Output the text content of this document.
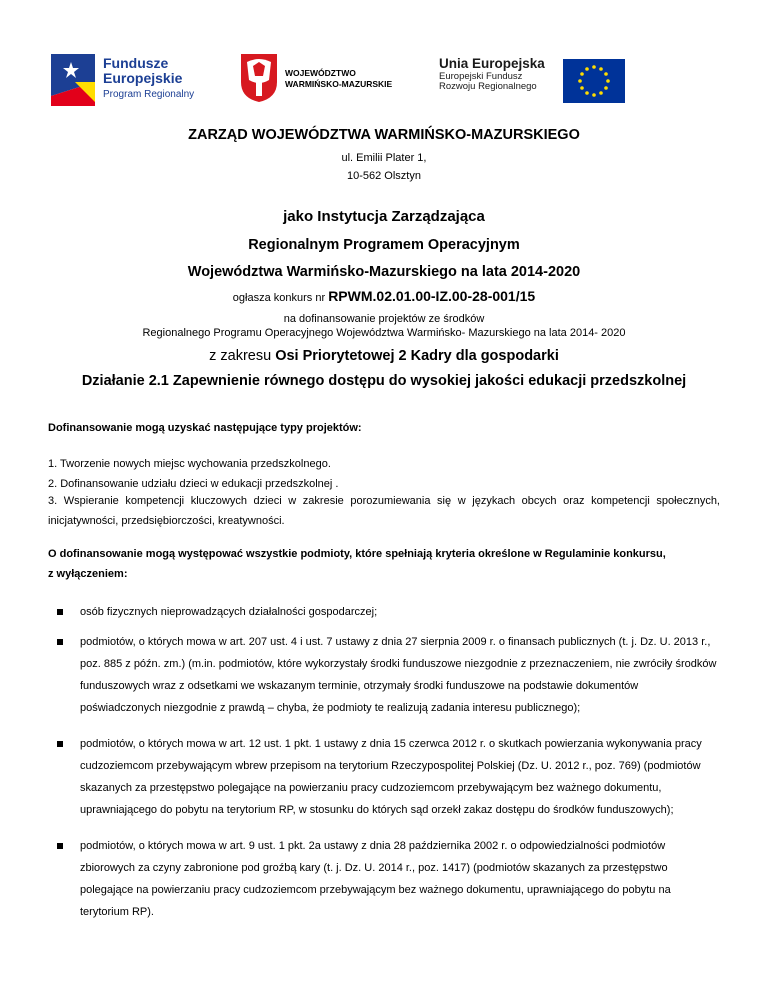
Fundusze
Europejskie
Program Regionalny
WOJEWÓDZTWO
WARMIŃSKO-MAZURSKIE
Unia Europejska
Europejski Fundusz
Rozwoju Regionalnego
ZARZĄD WOJEWÓDZTWA WARMIŃSKO-MAZURSKIEGO
ul. Emilii Plater 1,
10-562 Olsztyn
jako Instytucja Zarządzająca
Regionalnym Programem Operacyjnym
Województwa Warmińsko-Mazurskiego na lata 2014-2020
ogłasza konkurs nr RPWM.02.01.00-IZ.00-28-001/15
na dofinansowanie projektów ze środków
Regionalnego Programu Operacyjnego Województwa Warmińsko- Mazurskiego na lata 2014- 2020
z zakresu Osi Priorytetowej 2 Kadry dla gospodarki
Działanie 2.1 Zapewnienie równego dostępu do wysokiej jakości edukacji przedszkolnej
Dofinansowanie mogą uzyskać następujące typy projektów:
1. Tworzenie nowych miejsc wychowania przedszkolnego.
2. Dofinansowanie udziału dzieci w edukacji przedszkolnej .
3. Wspieranie kompetencji kluczowych dzieci w zakresie porozumiewania się w językach obcych oraz kompetencji społecznych, inicjatywności, przedsiębiorczości, kreatywności.
O dofinansowanie mogą występować wszystkie podmioty, które spełniają kryteria określone w Regulaminie konkursu,
z wyłączeniem:
osób fizycznych nieprowadzących działalności gospodarczej;
podmiotów, o których mowa w art. 207 ust. 4 i ust. 7 ustawy z dnia 27 sierpnia 2009 r. o finansach publicznych (t. j. Dz. U. 2013 r., poz. 885 z późn. zm.) (m.in. podmiotów, które wykorzystały środki funduszowe niezgodnie z przeznaczeniem, nie zwróciły środków funduszowych wraz z odsetkami we wskazanym terminie, otrzymały środki funduszowe na podstawie dokumentów poświadczonych niezgodnie z prawdą – chyba, że podmioty te realizują zadania interesu publicznego);
podmiotów, o których mowa w art. 12 ust. 1 pkt. 1 ustawy z dnia 15 czerwca 2012 r. o skutkach powierzania wykonywania pracy cudzoziemcom przebywającym wbrew przepisom na terytorium Rzeczypospolitej Polskiej (Dz. U. 2012 r., poz. 769) (podmiotów skazanych za przestępstwo polegające na powierzaniu pracy cudzoziemcom przebywającym bez ważnego dokumentu, uprawniającego do pobytu na terytorium RP, w stosunku do których sąd orzekł zakaz dostępu do środków funduszowych);
podmiotów, o których mowa w art. 9 ust. 1 pkt. 2a ustawy z dnia 28 października 2002 r. o odpowiedzialności podmiotów zbiorowych za czyny zabronione pod groźbą kary (t. j. Dz. U. 2014 r., poz. 1417) (podmiotów skazanych za przestępstwo polegające na powierzaniu pracy cudzoziemcom przebywającym bez ważnego dokumentu, uprawniającego do pobytu na terytorium RP).
